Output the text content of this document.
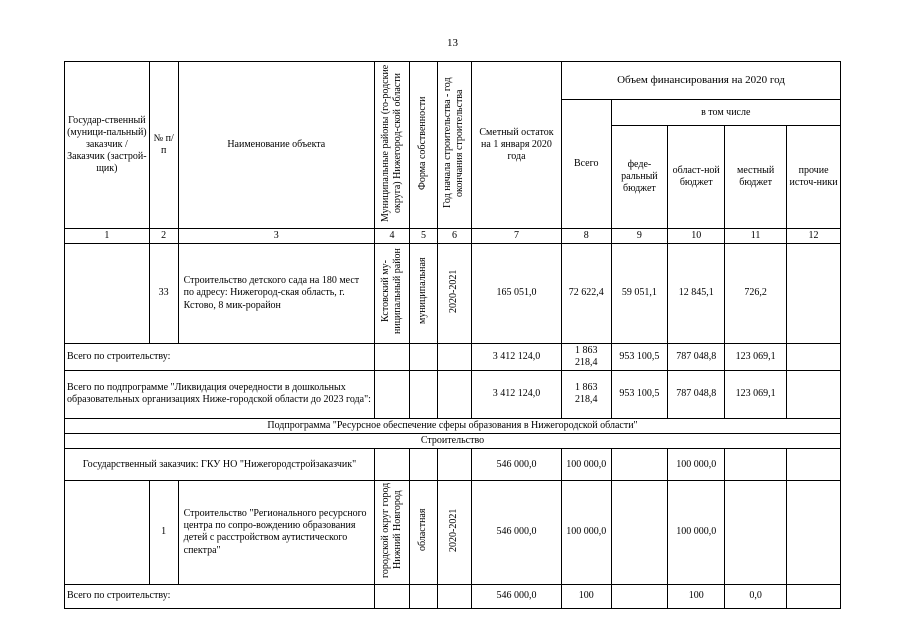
13
Государ-ственный (муници-пальный) заказчик / Заказчик (застрой-щик)	№ п/п	Наименование объекта	Муниципальные районы (го-родские округа) Нижегород-ской области	Форма собственности	Год начала строительства - год окончания строительства	Сметный остаток на 1 января 2020 года	Объем финансирования на 2020 год				
							Всего	в том числе			
								феде-ральный бюджет	област-ной бюджет	местный бюджет	прочие источ-ники
1	2	3	4	5	6	7	8	9	10	11	12
	33	Строительство детского сада на 180 мест по адресу: Нижегород-ская область, г. Кстово, 8 мик-рорайон	Кстовский му-ниципальный район	муниципальная	2020-2021	165 051,0	72 622,4	59 051,1	12 845,1	726,2	
Всего по строительству:						3 412 124,0	1 863 218,4	953 100,5	787 048,8	123 069,1	
Всего по подпрограмме "Ликвидация очередности в дошкольных образовательных организациях Ниже-городской области до 2023 года":						3 412 124,0	1 863 218,4	953 100,5	787 048,8	123 069,1	
Подпрограмма "Ресурсное обеспечение сферы образования в Нижегородской области"											
Строительство											
Государственный заказчик: ГКУ НО "Нижегородстройзаказчик"						546 000,0	100 000,0		100 000,0		
	1	Строительство "Регионального ресурсного центра по сопро-вождению образования детей с расстройством аутистического спектра"	городской округ город Нижний Новгород	областная	2020-2021	546 000,0	100 000,0		100 000,0		
Всего по строительству:						546 000,0	100		100	0,0	
